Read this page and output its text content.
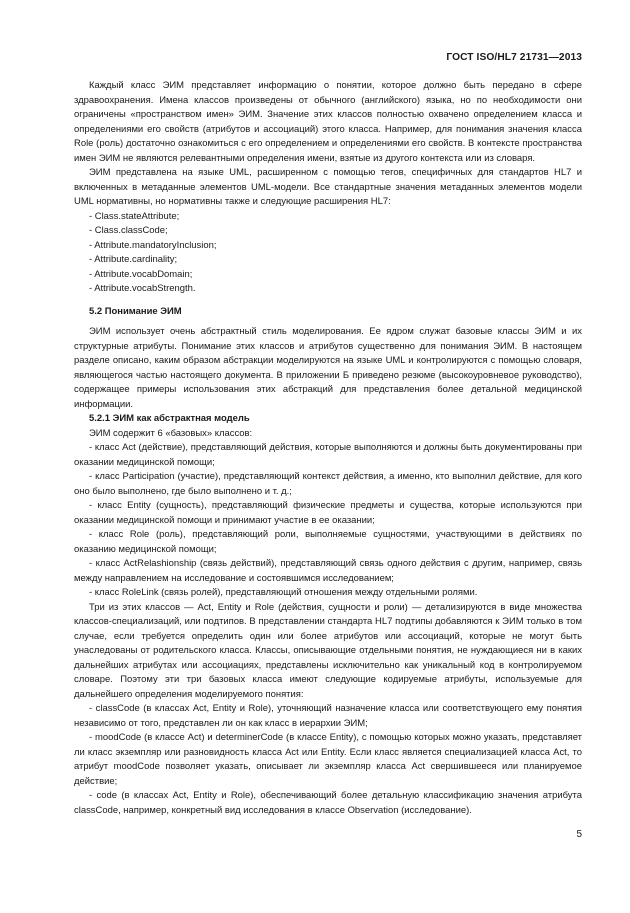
ГОСТ ISO/HL7 21731—2013

Каждый класс ЭИМ представляет информацию о понятии, которое должно быть передано в сфере здравоохранения. Имена классов произведены от обычного (английского) языка, но по необходимости они ограничены «пространством имен» ЭИМ. Значение этих классов полностью охвачено определением класса и определениями его свойств (атрибутов и ассоциаций) этого класса. Например, для понимания значения класса Role (роль) достаточно ознакомиться с его определением и определениями его свойств. В контексте пространства имен ЭИМ не являются релевантными определения имени, взятые из другого контекста или из словаря.

ЭИМ представлена на языке UML, расширенном с помощью тегов, специфичных для стандартов HL7 и включенных в метаданные элементов UML-модели. Все стандартные значения метаданных элементов модели UML нормативны, но нормативны также и следующие расширения HL7:

- Class.stateAttribute;

- Class.classCode;

- Attribute.mandatoryInclusion;

- Attribute.cardinality;

- Attribute.vocabDomain;

- Attribute.vocabStrength.

5.2 Понимание ЭИМ

ЭИМ использует очень абстрактный стиль моделирования. Ее ядром служат базовые классы ЭИМ и их структурные атрибуты. Понимание этих классов и атрибутов существенно для понимания ЭИМ. В настоящем разделе описано, каким образом абстракции моделируются на языке UML и контролируются с помощью словаря, являющегося частью настоящего документа. В приложении Б приведено резюме (высокоуровневое руководство), содержащее примеры использования этих абстракций для представления более детальной медицинской информации.

5.2.1 ЭИМ как абстрактная модель

ЭИМ содержит 6 «базовых» классов:

- класс Act (действие), представляющий действия, которые выполняются и должны быть документированы при оказании медицинской помощи;

- класс Participation (участие), представляющий контекст действия, а именно, кто выполнил действие, для кого оно было выполнено, где было выполнено и т. д.;

- класс Entity (сущность), представляющий физические предметы и существа, которые используются при оказании медицинской помощи и принимают участие в ее оказании;

- класс Role (роль), представляющий роли, выполняемые сущностями, участвующими в действиях по оказанию медицинской помощи;

- класс ActRelashionship (связь действий), представляющий связь одного действия с другим, например, связь между направлением на исследование и состоявшимся исследованием;

- класс RoleLink (связь ролей), представляющий отношения между отдельными ролями.

Три из этих классов — Act, Entity и Role (действия, сущности и роли) — детализируются в виде множества классов-специализаций, или подтипов. В представлении стандарта HL7 подтипы добавляются к ЭИМ только в том случае, если требуется определить один или более атрибутов или ассоциаций, которые не могут быть унаследованы от родительского класса. Классы, описывающие отдельными понятия, не нуждающиеся ни в каких дальнейших атрибутах или ассоциациях, представлены исключительно как уникальный код в контролируемом словаре. Поэтому эти три базовых класса имеют следующие кодируемые атрибуты, используемые для дальнейшего определения моделируемого понятия:

- classCode (в классах Act, Entity и Role), уточняющий назначение класса или соответствующего ему понятия независимо от того, представлен ли он как класс в иерархии ЭИМ;

- moodCode (в классе Act) и determinerCode (в классе Entity), с помощью которых можно указать, представляет ли класс экземпляр или разновидность класса Act или Entity. Если класс является специализацией класса Act, то атрибут moodCode позволяет указать, описывает ли экземпляр класса Act свершившееся или планируемое действие;

- code (в классах Act, Entity и Role), обеспечивающий более детальную классификацию значения атрибута classCode, например, конкретный вид исследования в классе Observation (исследование).

5
